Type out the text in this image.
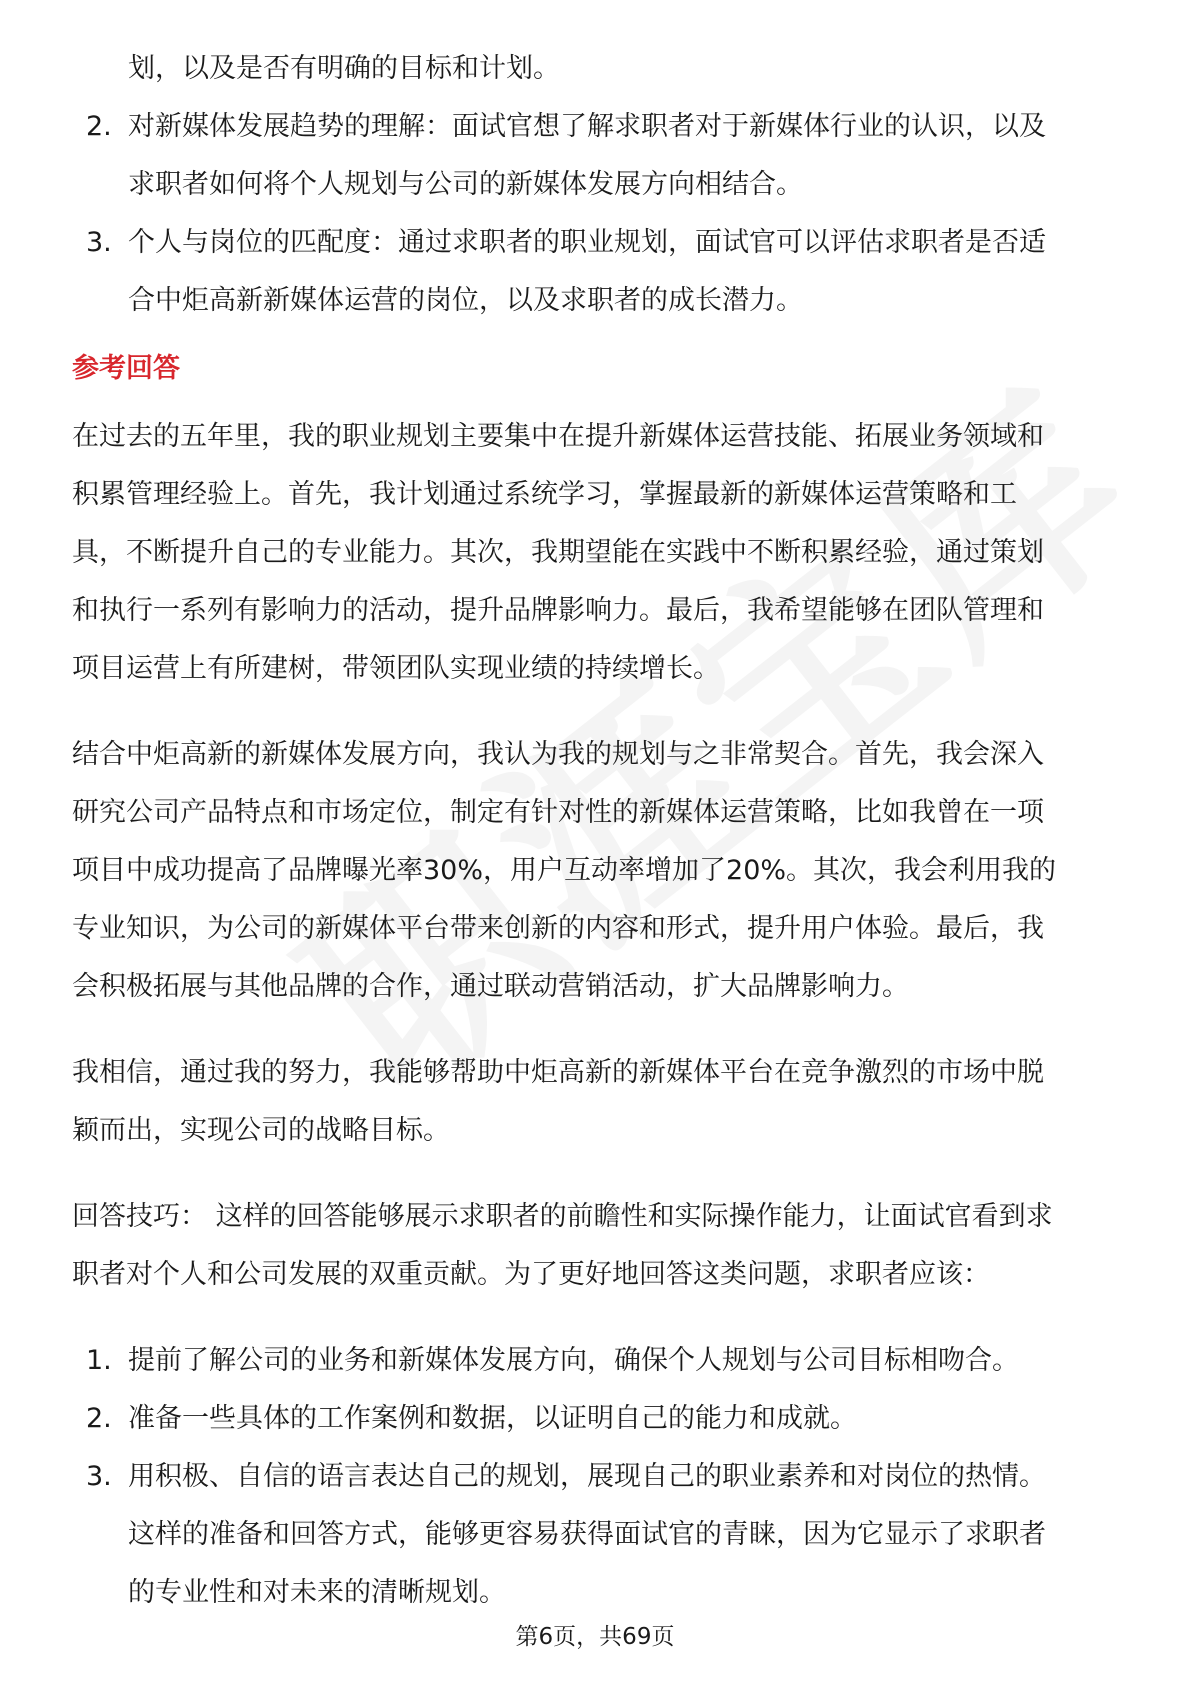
划，以及是否有明确的目标和计划。
2. 对新媒体发展趋势的理解：面试官想了解求职者对于新媒体行业的认识，以及
求职者如何将个人规划与公司的新媒体发展方向相结合。
3. 个人与岗位的匹配度：通过求职者的职业规划，面试官可以评估求职者是否适
合中炬高新新媒体运营的岗位，以及求职者的成长潜力。
参考回答
在过去的五年里，我的职业规划主要集中在提升新媒体运营技能、拓展业务领域和
积累管理经验上。首先，我计划通过系统学习，掌握最新的新媒体运营策略和工
具，不断提升自己的专业能力。其次，我期望能在实践中不断积累经验，通过策划
和执行一系列有影响力的活动，提升品牌影响力。最后，我希望能够在团队管理和
项目运营上有所建树，带领团队实现业绩的持续增长。
结合中炬高新的新媒体发展方向，我认为我的规划与之非常契合。首先，我会深入
研究公司产品特点和市场定位，制定有针对性的新媒体运营策略，比如我曾在一项
项目中成功提高了品牌曝光率30%，用户互动率增加了20%。其次，我会利用我的
专业知识，为公司的新媒体平台带来创新的内容和形式，提升用户体验。最后，我
会积极拓展与其他品牌的合作，通过联动营销活动，扩大品牌影响力。
我相信，通过我的努力，我能够帮助中炬高新的新媒体平台在竞争激烈的市场中脱
颖而出，实现公司的战略目标。
回答技巧： 这样的回答能够展示求职者的前瞻性和实际操作能力，让面试官看到求
职者对个人和公司发展的双重贡献。为了更好地回答这类问题，求职者应该：
1. 提前了解公司的业务和新媒体发展方向，确保个人规划与公司目标相吻合。
2. 准备一些具体的工作案例和数据，以证明自己的能力和成就。
3. 用积极、自信的语言表达自己的规划，展现自己的职业素养和对岗位的热情。
这样的准备和回答方式，能够更容易获得面试官的青睐，因为它显示了求职者
的专业性和对未来的清晰规划。
第6页，共69页
